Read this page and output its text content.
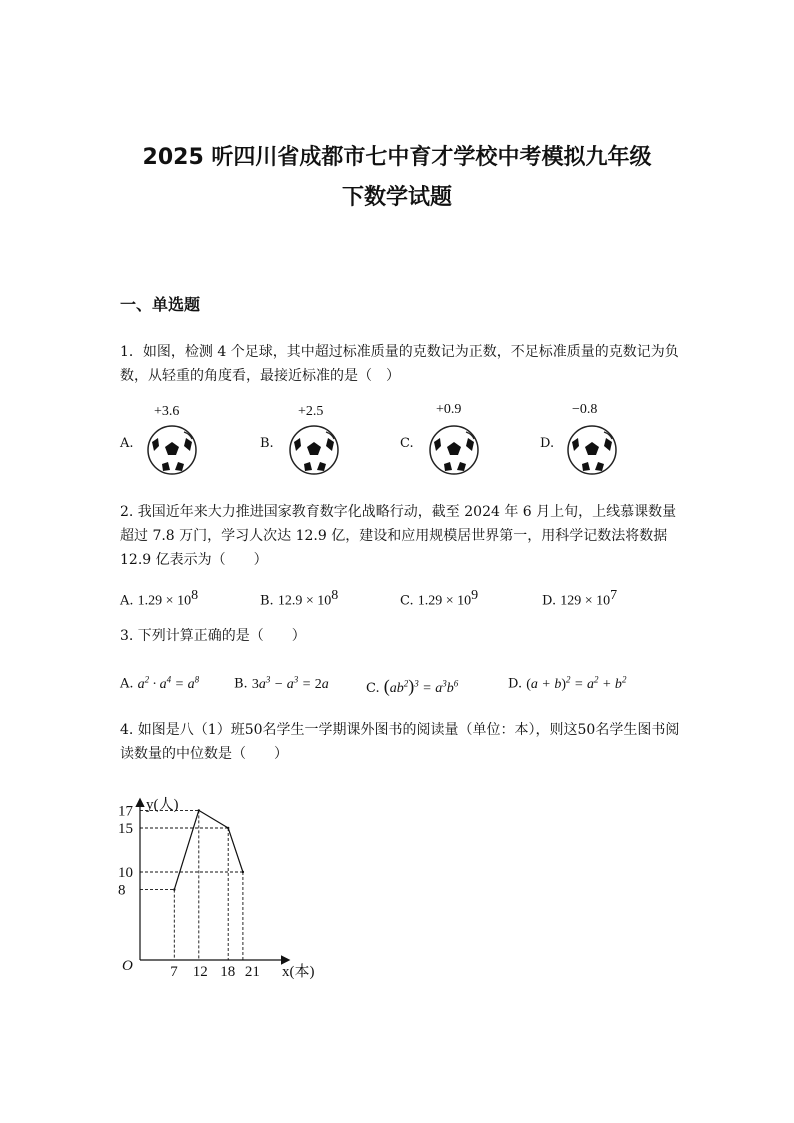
2025 听四川省成都市七中育才学校中考模拟九年级
下数学试题
一、单选题
1．如图，检测 4 个足球，其中超过标准质量的克数记为正数，不足标准质量的克数记为负数，从轻重的角度看，最接近标准的是（　）
A.
+3.6
B.
+2.5
C.
+0.9
D.
−0.8
2. 我国近年来大力推进国家教育数字化战略行动，截至 2024 年 6 月上旬，上线慕课数量超过 7.8 万门，学习人次达 12.9 亿，建设和应用规模居世界第一，用科学记数法将数据 12.9 亿表示为（　　）
A. $1.29 \times 10^8$	B. $12.9 \times 10^8$	C. $1.29 \times 10^9$	D. $129 \times 10^7$
3. 下列计算正确的是（　　）
A. $a^2 \cdot a^4 = a^8$	B. $3a^3 - a^3 = 2a$	C. $(ab^2)^3 = a^3b^6$	D. $(a + b)^2 = a^2 + b^2$
4. 如图是八（1）班50名学生一学期课外图书的阅读量（单位：本），则这50名学生图书阅读数量的中位数是（　　）
7 12 18 21
17
15
10
8
O
y(人)
x(本)
